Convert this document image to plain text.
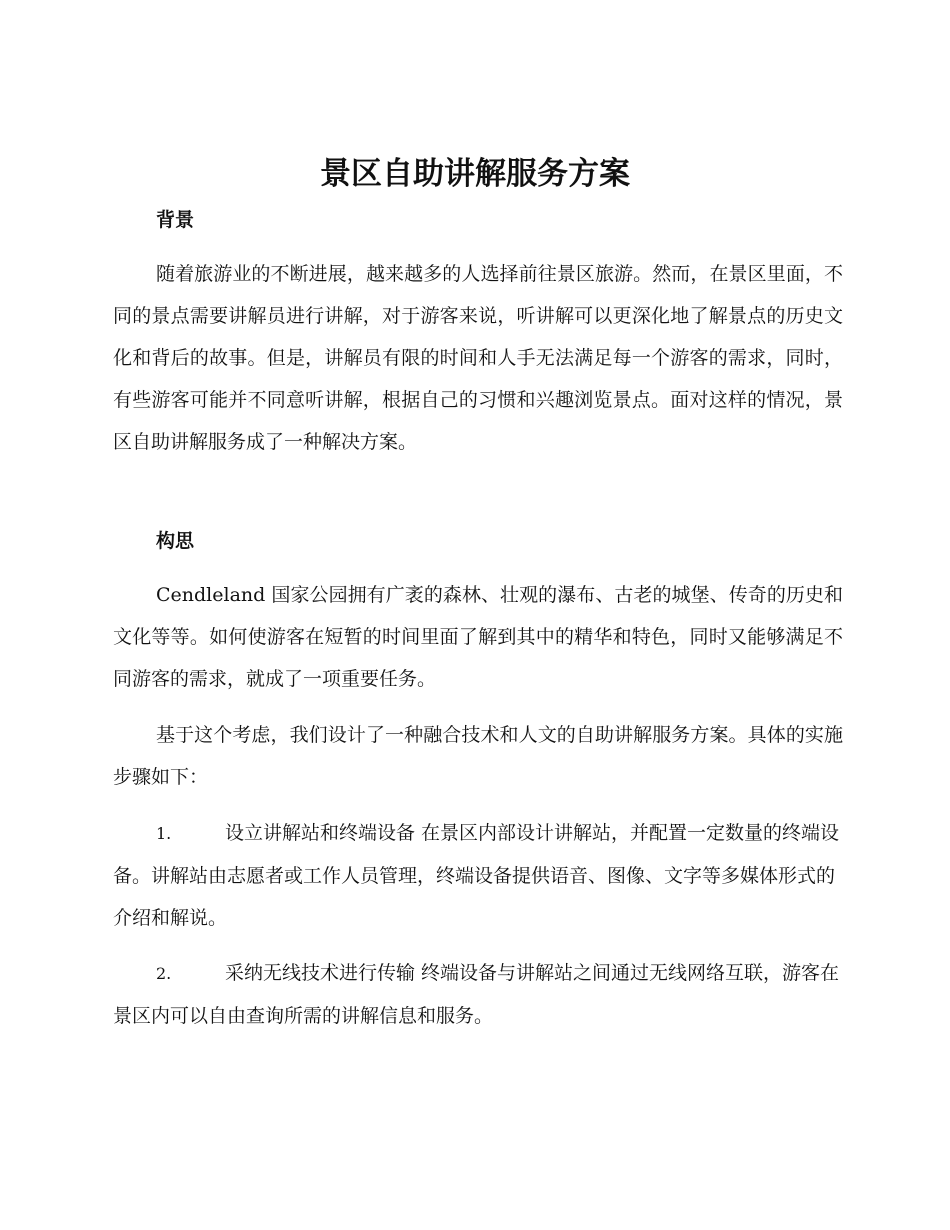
景区自助讲解服务方案
背景

随着旅游业的不断进展，越来越多的人选择前往景区旅游。然而，在景区里面，不同的景点需要讲解员进行讲解，对于游客来说，听讲解可以更深化地了解景点的历史文化和背后的故事。但是，讲解员有限的时间和人手无法满足每一个游客的需求，同时，有些游客可能并不同意听讲解，根据自己的习惯和兴趣浏览景点。面对这样的情况，景区自助讲解服务成了一种解决方案。

构思

Cendleland 国家公园拥有广袤的森林、壮观的瀑布、古老的城堡、传奇的历史和文化等等。如何使游客在短暂的时间里面了解到其中的精华和特色，同时又能够满足不同游客的需求，就成了一项重要任务。

基于这个考虑，我们设计了一种融合技术和人文的自助讲解服务方案。具体的实施步骤如下：

1.	设立讲解站和终端设备 在景区内部设计讲解站，并配置一定数量的终端设备。讲解站由志愿者或工作人员管理，终端设备提供语音、图像、文字等多媒体形式的介绍和解说。

2.	采纳无线技术进行传输 终端设备与讲解站之间通过无线网络互联，游客在景区内可以自由查询所需的讲解信息和服务。
